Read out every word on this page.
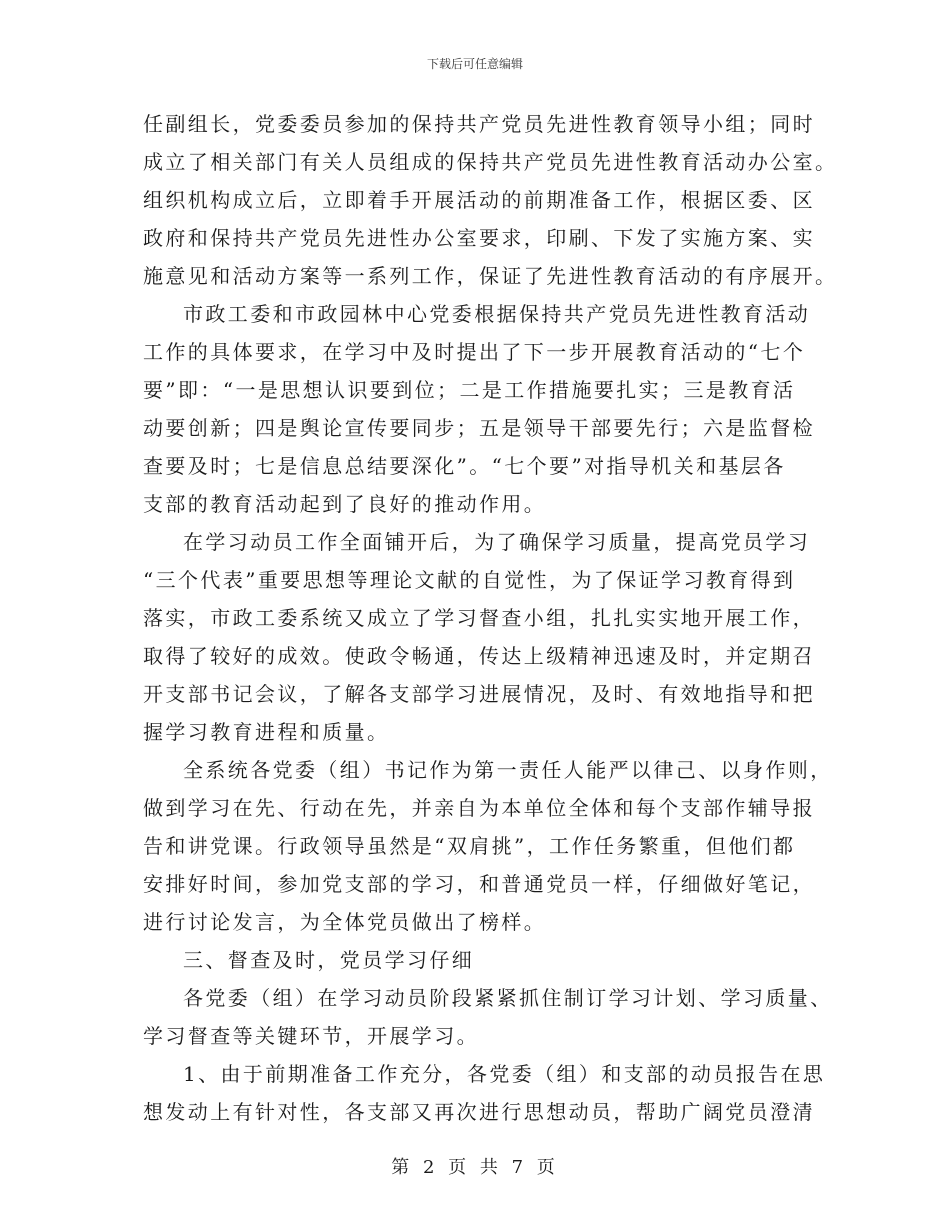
下载后可任意编辑
任副组长，党委委员参加的保持共产党员先进性教育领导小组；同时
成立了相关部门有关人员组成的保持共产党员先进性教育活动办公室。
组织机构成立后，立即着手开展活动的前期准备工作，根据区委、区
政府和保持共产党员先进性办公室要求，印刷、下发了实施方案、实
施意见和活动方案等一系列工作，保证了先进性教育活动的有序展开。
市政工委和市政园林中心党委根据保持共产党员先进性教育活动
工作的具体要求，在学习中及时提出了下一步开展教育活动的“七个
要”即：“一是思想认识要到位；二是工作措施要扎实；三是教育活
动要创新；四是舆论宣传要同步；五是领导干部要先行；六是监督检
查要及时；七是信息总结要深化”。“七个要”对指导机关和基层各
支部的教育活动起到了良好的推动作用。
在学习动员工作全面铺开后，为了确保学习质量，提高党员学习
“三个代表”重要思想等理论文献的自觉性，为了保证学习教育得到
落实，市政工委系统又成立了学习督查小组，扎扎实实地开展工作，
取得了较好的成效。使政令畅通，传达上级精神迅速及时，并定期召
开支部书记会议，了解各支部学习进展情况，及时、有效地指导和把
握学习教育进程和质量。
全系统各党委（组）书记作为第一责任人能严以律己、以身作则，
做到学习在先、行动在先，并亲自为本单位全体和每个支部作辅导报
告和讲党课。行政领导虽然是“双肩挑”，工作任务繁重，但他们都
安排好时间，参加党支部的学习，和普通党员一样，仔细做好笔记，
进行讨论发言，为全体党员做出了榜样。
三、督查及时，党员学习仔细
各党委（组）在学习动员阶段紧紧抓住制订学习计划、学习质量、
学习督查等关键环节，开展学习。
1、由于前期准备工作充分，各党委（组）和支部的动员报告在思
想发动上有针对性，各支部又再次进行思想动员，帮助广阔党员澄清
第 2 页 共 7 页
